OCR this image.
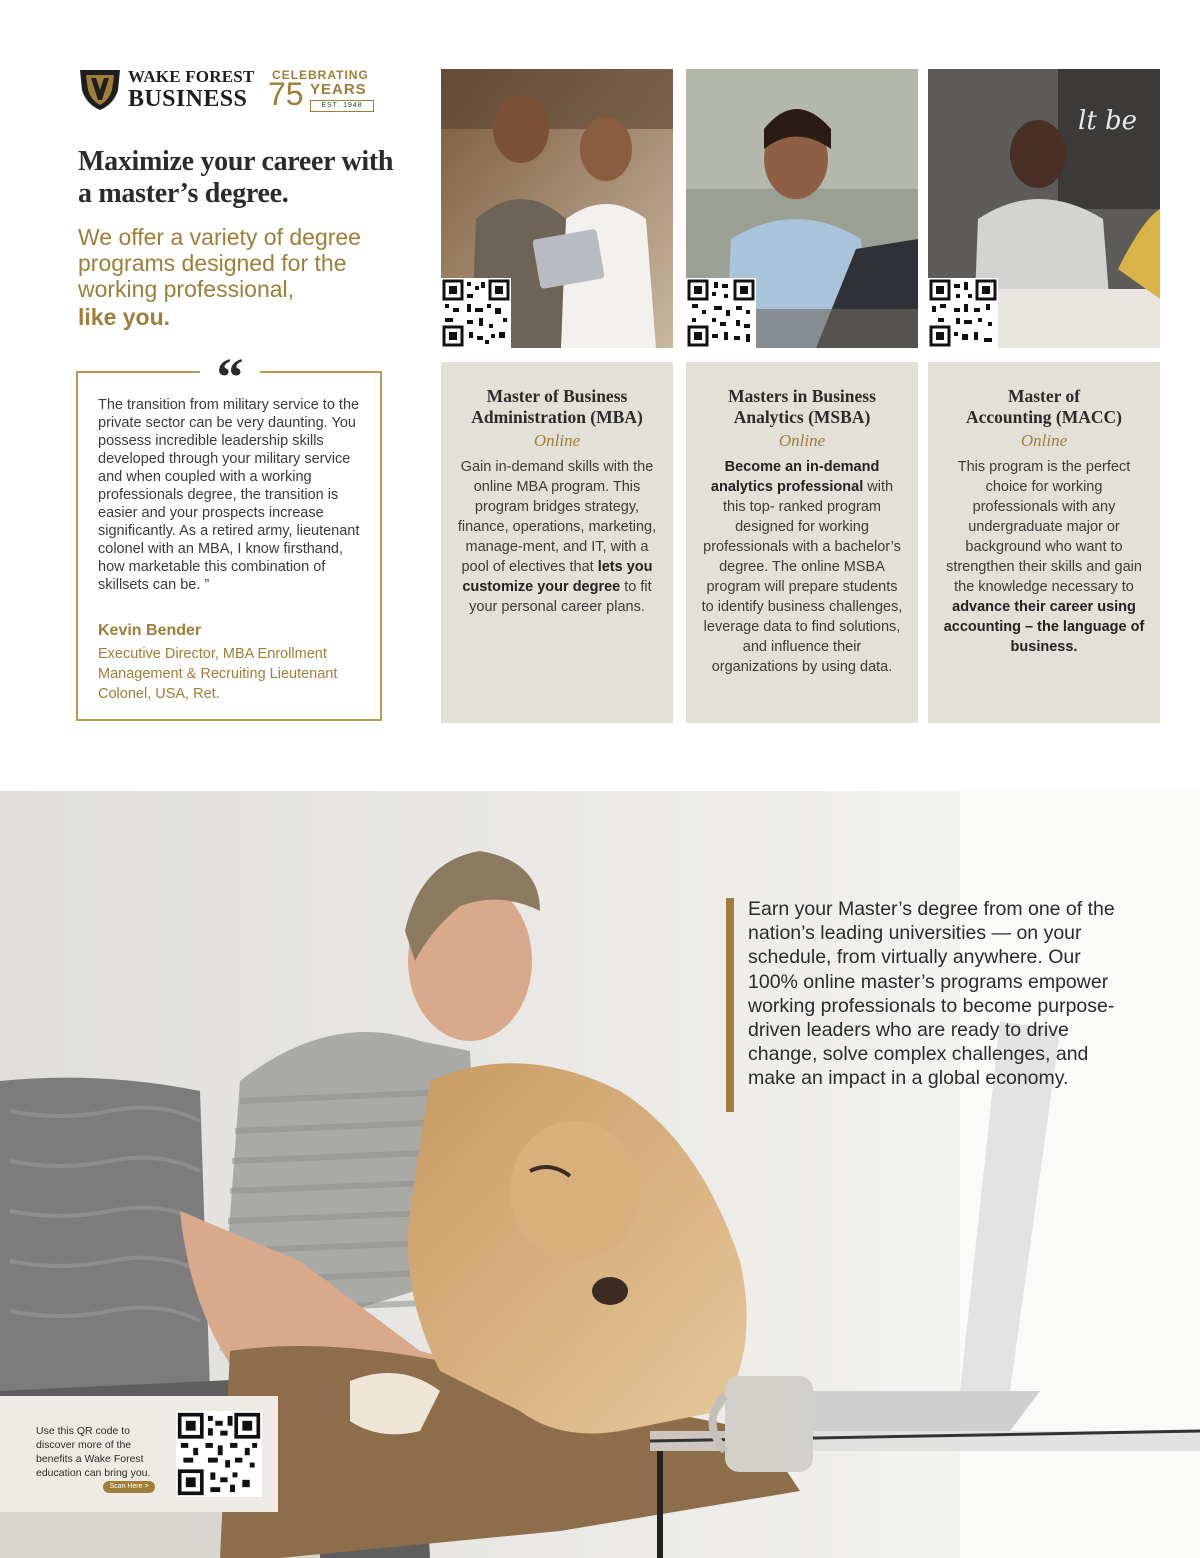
WAKE FOREST
BUSINESS
CELEBRATING
75 YEARS
EST. 1948
Maximize your career with a master’s degree.
We offer a variety of degree programs designed for the working professional,
like you.
“
The transition from military service to the private sector can be very daunting. You possess incredible leadership skills developed through your military service and when coupled with a working professionals degree, the transition is easier and your prospects increase significantly. As a retired army, lieutenant colonel with an MBA, I know firsthand, how marketable this combination of skillsets can be. ”
Kevin Bender
Executive Director, MBA Enrollment Management & Recruiting Lieutenant Colonel, USA, Ret.
lt be
Master of Business
Administration (MBA)
Online
Gain in-demand skills with the online MBA program. This program bridges strategy, finance, operations, marketing, manage-ment, and IT, with a pool of electives that lets you customize your degree to fit your personal career plans.
Masters in Business
Analytics (MSBA)
Online
Become an in-demand analytics professional with this top- ranked program designed for working professionals with a bachelor’s degree. The online MSBA program will prepare students to identify business challenges, leverage data to find solutions, and influence their organizations by using data.
Master of
Accounting (MACC)
Online
This program is the perfect choice for working professionals with any undergraduate major or background who want to strengthen their skills and gain the knowledge necessary to advance their career using accounting – the language of business.
Earn your Master’s degree from one of the nation’s leading universities — on your schedule, from virtually anywhere. Our 100% online master’s programs empower working professionals to become purpose-driven leaders who are ready to drive change, solve complex challenges, and make an impact in a global economy.
Use this QR code to discover more of the benefits a Wake Forest education can bring you.
Scan Here >
